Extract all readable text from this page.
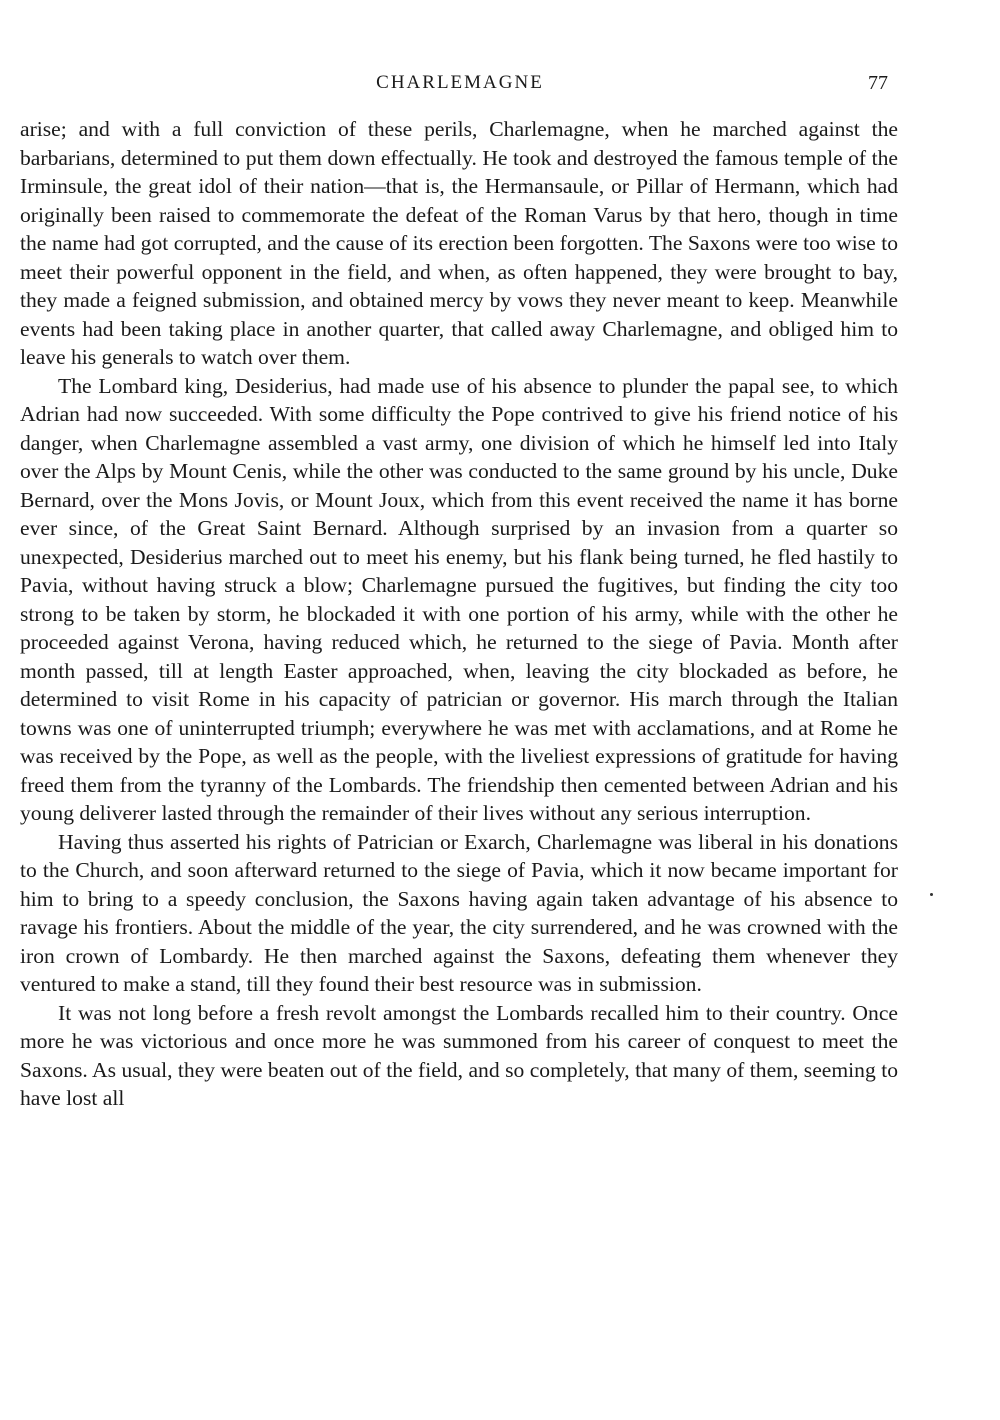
CHARLEMAGNE	77

arise; and with a full conviction of these perils, Charlemagne, when he marched against the barbarians, determined to put them down effectually. He took and destroyed the famous temple of the Irminsule, the great idol of their nation—that is, the Hermansaule, or Pillar of Hermann, which had originally been raised to commemorate the defeat of the Roman Varus by that hero, though in time the name had got corrupted, and the cause of its erection been forgotten. The Saxons were too wise to meet their powerful opponent in the field, and when, as often happened, they were brought to bay, they made a feigned submission, and obtained mercy by vows they never meant to keep. Meanwhile events had been taking place in another quarter, that called away Charlemagne, and obliged him to leave his generals to watch over them.

The Lombard king, Desiderius, had made use of his absence to plunder the papal see, to which Adrian had now succeeded. With some difficulty the Pope contrived to give his friend notice of his danger, when Charlemagne assembled a vast army, one division of which he himself led into Italy over the Alps by Mount Cenis, while the other was conducted to the same ground by his uncle, Duke Bernard, over the Mons Jovis, or Mount Joux, which from this event received the name it has borne ever since, of the Great Saint Bernard. Although surprised by an invasion from a quarter so unexpected, Desiderius marched out to meet his enemy, but his flank being turned, he fled hastily to Pavia, without having struck a blow; Charlemagne pursued the fugitives, but finding the city too strong to be taken by storm, he blockaded it with one portion of his army, while with the other he proceeded against Verona, having reduced which, he returned to the siege of Pavia. Month after month passed, till at length Easter approached, when, leaving the city blockaded as before, he determined to visit Rome in his capacity of patrician or governor. His march through the Italian towns was one of uninterrupted triumph; everywhere he was met with acclamations, and at Rome he was received by the Pope, as well as the people, with the liveliest expressions of gratitude for having freed them from the tyranny of the Lombards. The friendship then cemented between Adrian and his young deliverer lasted through the remainder of their lives without any serious interruption.

Having thus asserted his rights of Patrician or Exarch, Charlemagne was liberal in his donations to the Church, and soon afterward returned to the siege of Pavia, which it now became important for him to bring to a speedy conclusion, the Saxons having again taken advantage of his absence to ravage his frontiers. About the middle of the year, the city surrendered, and he was crowned with the iron crown of Lombardy. He then marched against the Saxons, defeating them whenever they ventured to make a stand, till they found their best resource was in submission.

It was not long before a fresh revolt amongst the Lombards recalled him to their country. Once more he was victorious and once more he was summoned from his career of conquest to meet the Saxons. As usual, they were beaten out of the field, and so completely, that many of them, seeming to have lost all
